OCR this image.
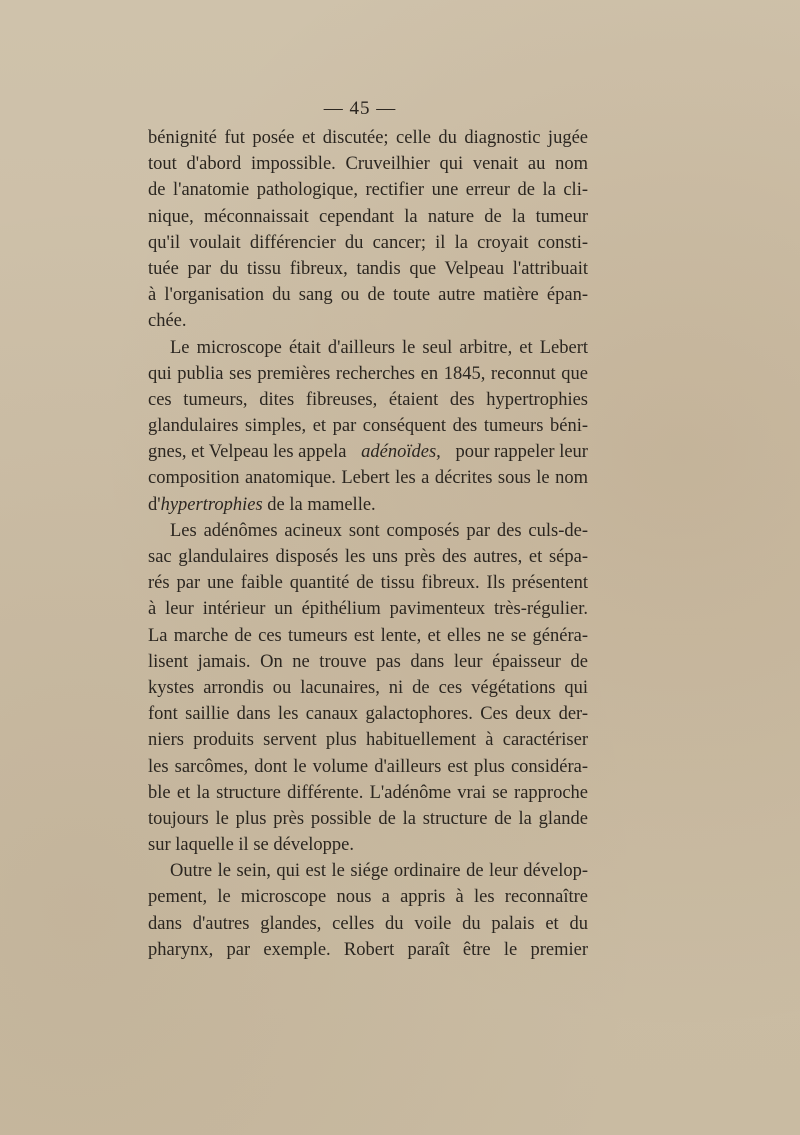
— 45 —
bénignité fut posée et discutée; celle du diagnostic jugée
tout d'abord impossible. Cruveilhier qui venait au nom
de l'anatomie pathologique, rectifier une erreur de la cli-
nique, méconnaissait cependant la nature de la tumeur
qu'il voulait différencier du cancer; il la croyait consti-
tuée par du tissu fibreux, tandis que Velpeau l'attribuait
à l'organisation du sang ou de toute autre matière épan-
chée.
Le microscope était d'ailleurs le seul arbitre, et Lebert
qui publia ses premières recherches en 1845, reconnut que
ces tumeurs, dites fibreuses, étaient des hypertrophies
glandulaires simples, et par conséquent des tumeurs béni-
gnes, et Velpeau les appela adénoïdes, pour rappeler leur
composition anatomique. Lebert les a décrites sous le nom
d'hypertrophies de la mamelle.
Les adénômes acineux sont composés par des culs-de-
sac glandulaires disposés les uns près des autres, et sépa-
rés par une faible quantité de tissu fibreux. Ils présentent
à leur intérieur un épithélium pavimenteux très-régulier.
La marche de ces tumeurs est lente, et elles ne se généra-
lisent jamais. On ne trouve pas dans leur épaisseur de
kystes arrondis ou lacunaires, ni de ces végétations qui
font saillie dans les canaux galactophores. Ces deux der-
niers produits servent plus habituellement à caractériser
les sarcômes, dont le volume d'ailleurs est plus considéra-
ble et la structure différente. L'adénôme vrai se rapproche
toujours le plus près possible de la structure de la glande
sur laquelle il se développe.
Outre le sein, qui est le siége ordinaire de leur dévelop-
pement, le microscope nous a appris à les reconnaître
dans d'autres glandes, celles du voile du palais et du
pharynx, par exemple. Robert paraît être le premier
